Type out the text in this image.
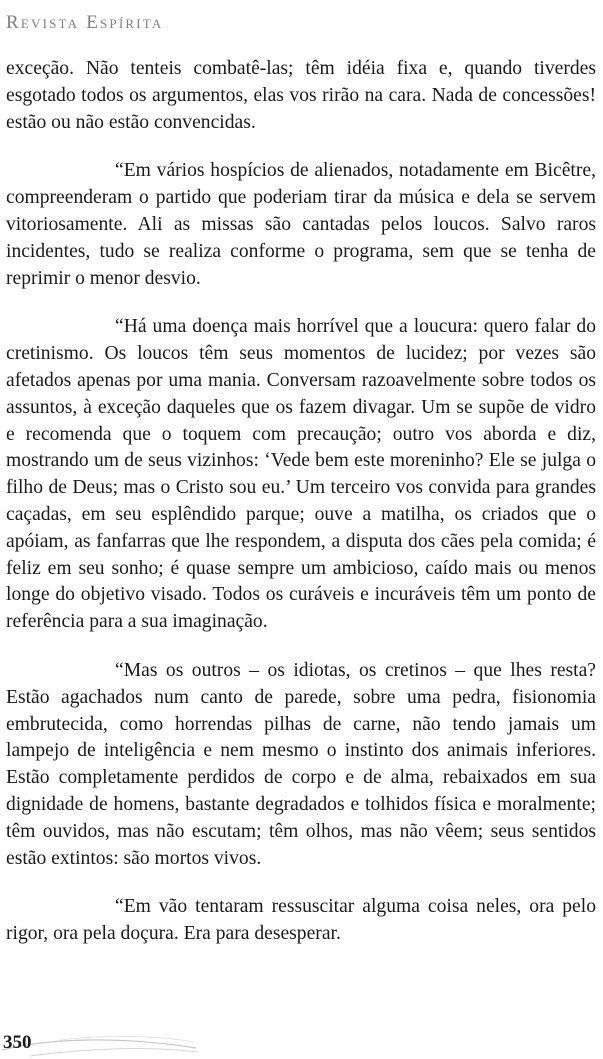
Revista Espírita

exceção. Não tenteis combatê-las; têm idéia fixa e, quando tiverdes esgotado todos os argumentos, elas vos rirão na cara. Nada de concessões! estão ou não estão convencidas.

“Em vários hospícios de alienados, notadamente em Bicêtre, compreenderam o partido que poderiam tirar da música e dela se servem vitoriosamente. Ali as missas são cantadas pelos loucos. Salvo raros incidentes, tudo se realiza conforme o programa, sem que se tenha de reprimir o menor desvio.

“Há uma doença mais horrível que a loucura: quero falar do cretinismo. Os loucos têm seus momentos de lucidez; por vezes são afetados apenas por uma mania. Conversam razoavelmente sobre todos os assuntos, à exceção daqueles que os fazem divagar. Um se supõe de vidro e recomenda que o toquem com precaução; outro vos aborda e diz, mostrando um de seus vizinhos: ‘Vede bem este moreninho? Ele se julga o filho de Deus; mas o Cristo sou eu.’ Um terceiro vos convida para grandes caçadas, em seu esplêndido parque; ouve a matilha, os criados que o apóiam, as fanfarras que lhe respondem, a disputa dos cães pela comida; é feliz em seu sonho; é quase sempre um ambicioso, caído mais ou menos longe do objetivo visado. Todos os curáveis e incuráveis têm um ponto de referência para a sua imaginação.

“Mas os outros – os idiotas, os cretinos – que lhes resta? Estão agachados num canto de parede, sobre uma pedra, fisionomia embrutecida, como horrendas pilhas de carne, não tendo jamais um lampejo de inteligência e nem mesmo o instinto dos animais inferiores. Estão completamente perdidos de corpo e de alma, rebaixados em sua dignidade de homens, bastante degradados e tolhidos física e moralmente; têm ouvidos, mas não escutam; têm olhos, mas não vêem; seus sentidos estão extintos: são mortos vivos.

“Em vão tentaram ressuscitar alguma coisa neles, ora pelo rigor, ora pela doçura. Era para desesperar.

350
